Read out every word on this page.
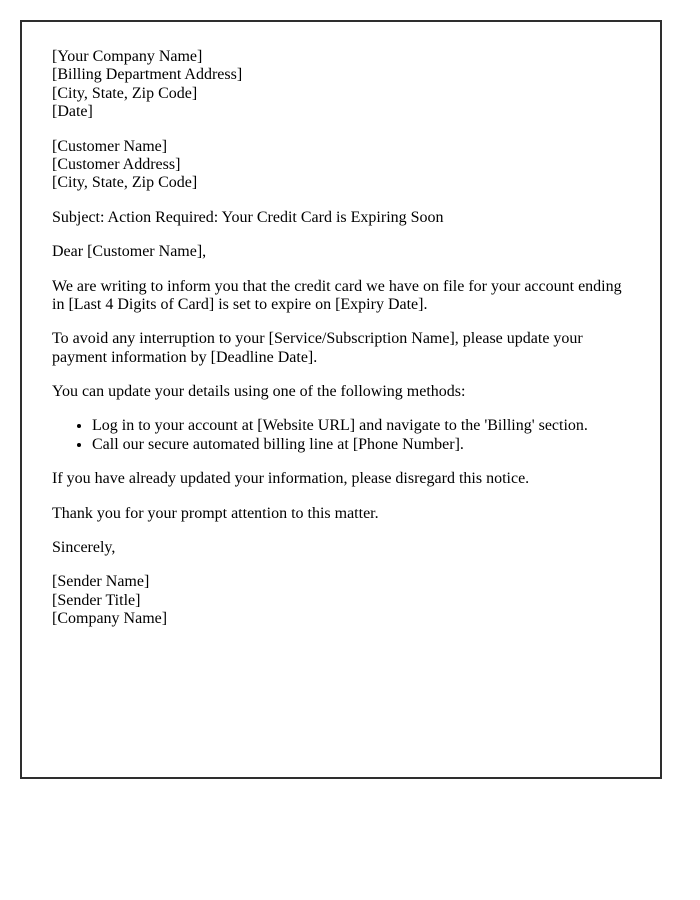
[Your Company Name]
[Billing Department Address]
[City, State, Zip Code]
[Date]

[Customer Name]
[Customer Address]
[City, State, Zip Code]

Subject: Action Required: Your Credit Card is Expiring Soon

Dear [Customer Name],

We are writing to inform you that the credit card we have on file for your account ending in [Last 4 Digits of Card] is set to expire on [Expiry Date].

To avoid any interruption to your [Service/Subscription Name], please update your payment information by [Deadline Date].

You can update your details using one of the following methods:

• Log in to your account at [Website URL] and navigate to the 'Billing' section.
• Call our secure automated billing line at [Phone Number].

If you have already updated your information, please disregard this notice.

Thank you for your prompt attention to this matter.

Sincerely,

[Sender Name]
[Sender Title]
[Company Name]
